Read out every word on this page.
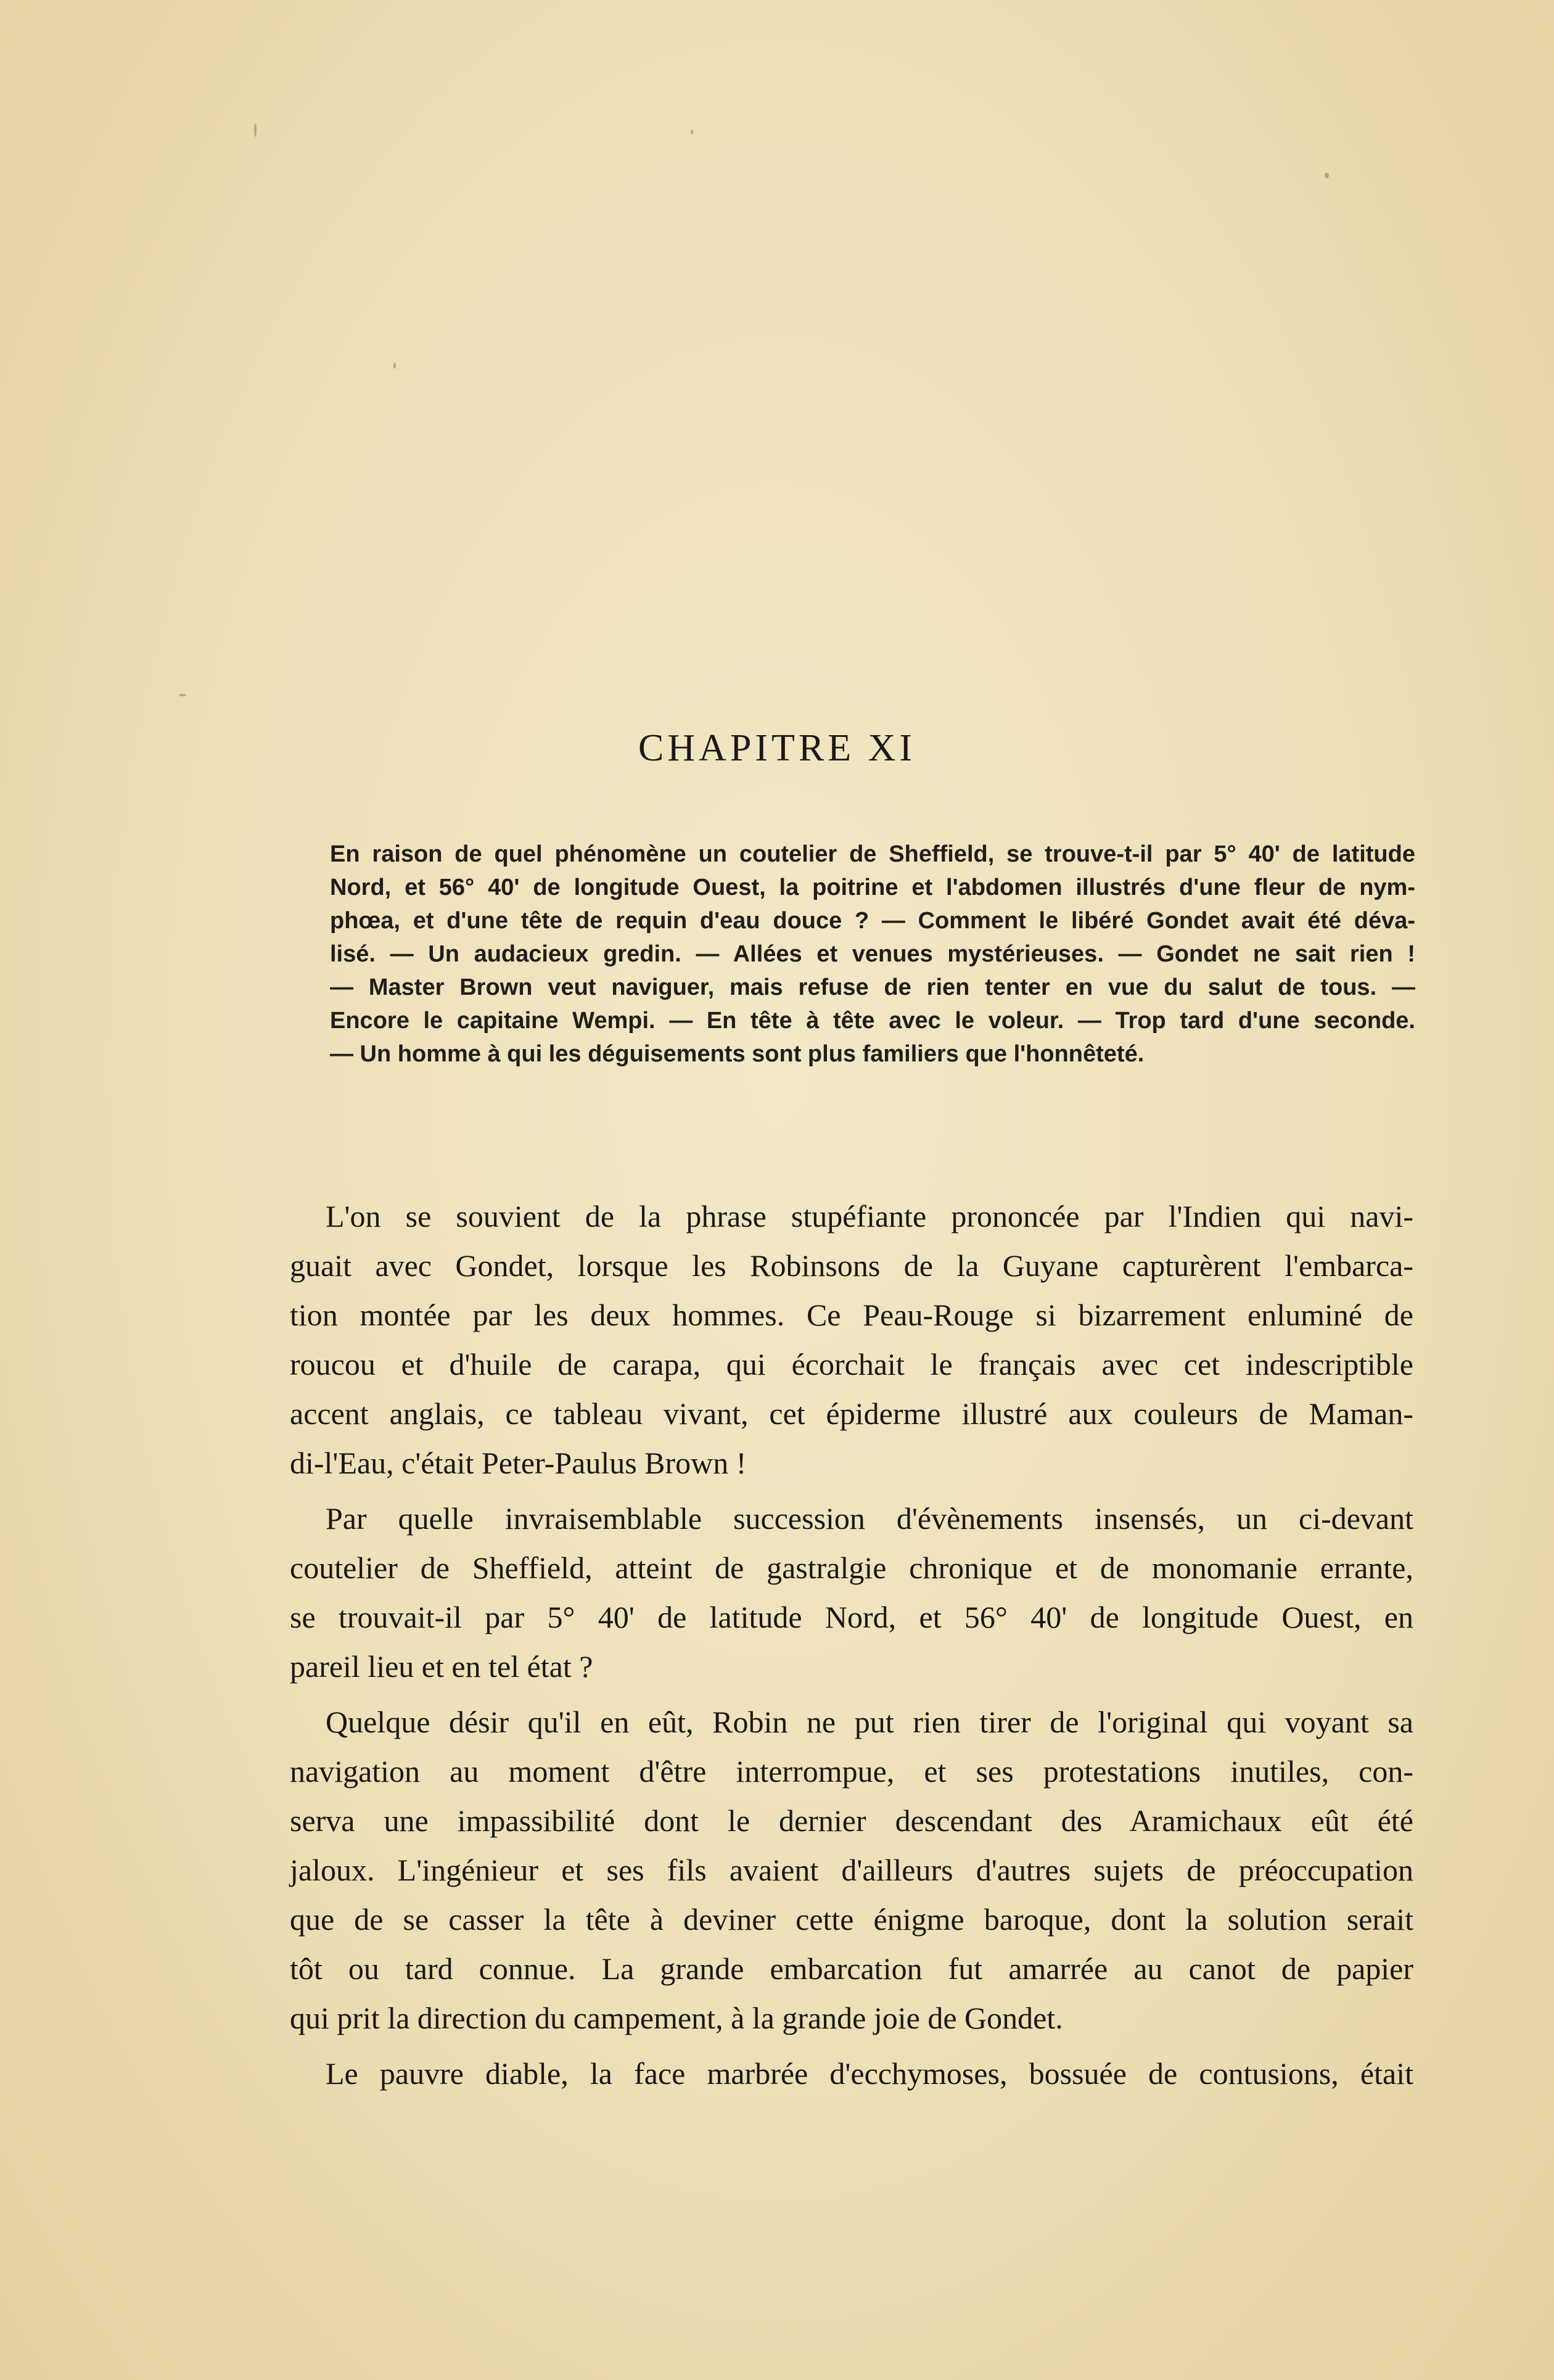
CHAPITRE XI
En raison de quel phénomène un coutelier de Sheffield, se trouve-t-il par 5° 40' de latitude
Nord, et 56° 40' de longitude Ouest, la poitrine et l'abdomen illustrés d'une fleur de nym-
phœa, et d'une tête de requin d'eau douce ? — Comment le libéré Gondet avait été déva-
lisé. — Un audacieux gredin. — Allées et venues mystérieuses. — Gondet ne sait rien !
— Master Brown veut naviguer, mais refuse de rien tenter en vue du salut de tous. —
Encore le capitaine Wempi. — En tête à tête avec le voleur. — Trop tard d'une seconde.
— Un homme à qui les déguisements sont plus familiers que l'honnêteté.
L'on se souvient de la phrase stupéfiante prononcée par l'Indien qui navi-
guait avec Gondet, lorsque les Robinsons de la Guyane capturèrent l'embarca-
tion montée par les deux hommes. Ce Peau-Rouge si bizarrement enluminé de
roucou et d'huile de carapa, qui écorchait le français avec cet indescriptible
accent anglais, ce tableau vivant, cet épiderme illustré aux couleurs de Maman-
di-l'Eau, c'était Peter-Paulus Brown !
Par quelle invraisemblable succession d'évènements insensés, un ci-devant
coutelier de Sheffield, atteint de gastralgie chronique et de monomanie errante,
se trouvait-il par 5° 40' de latitude Nord, et 56° 40' de longitude Ouest, en
pareil lieu et en tel état ?
Quelque désir qu'il en eût, Robin ne put rien tirer de l'original qui voyant sa
navigation au moment d'être interrompue, et ses protestations inutiles, con-
serva une impassibilité dont le dernier descendant des Aramichaux eût été
jaloux. L'ingénieur et ses fils avaient d'ailleurs d'autres sujets de préoccupation
que de se casser la tête à deviner cette énigme baroque, dont la solution serait
tôt ou tard connue. La grande embarcation fut amarrée au canot de papier
qui prit la direction du campement, à la grande joie de Gondet.
Le pauvre diable, la face marbrée d'ecchymoses, bossuée de contusions, était
